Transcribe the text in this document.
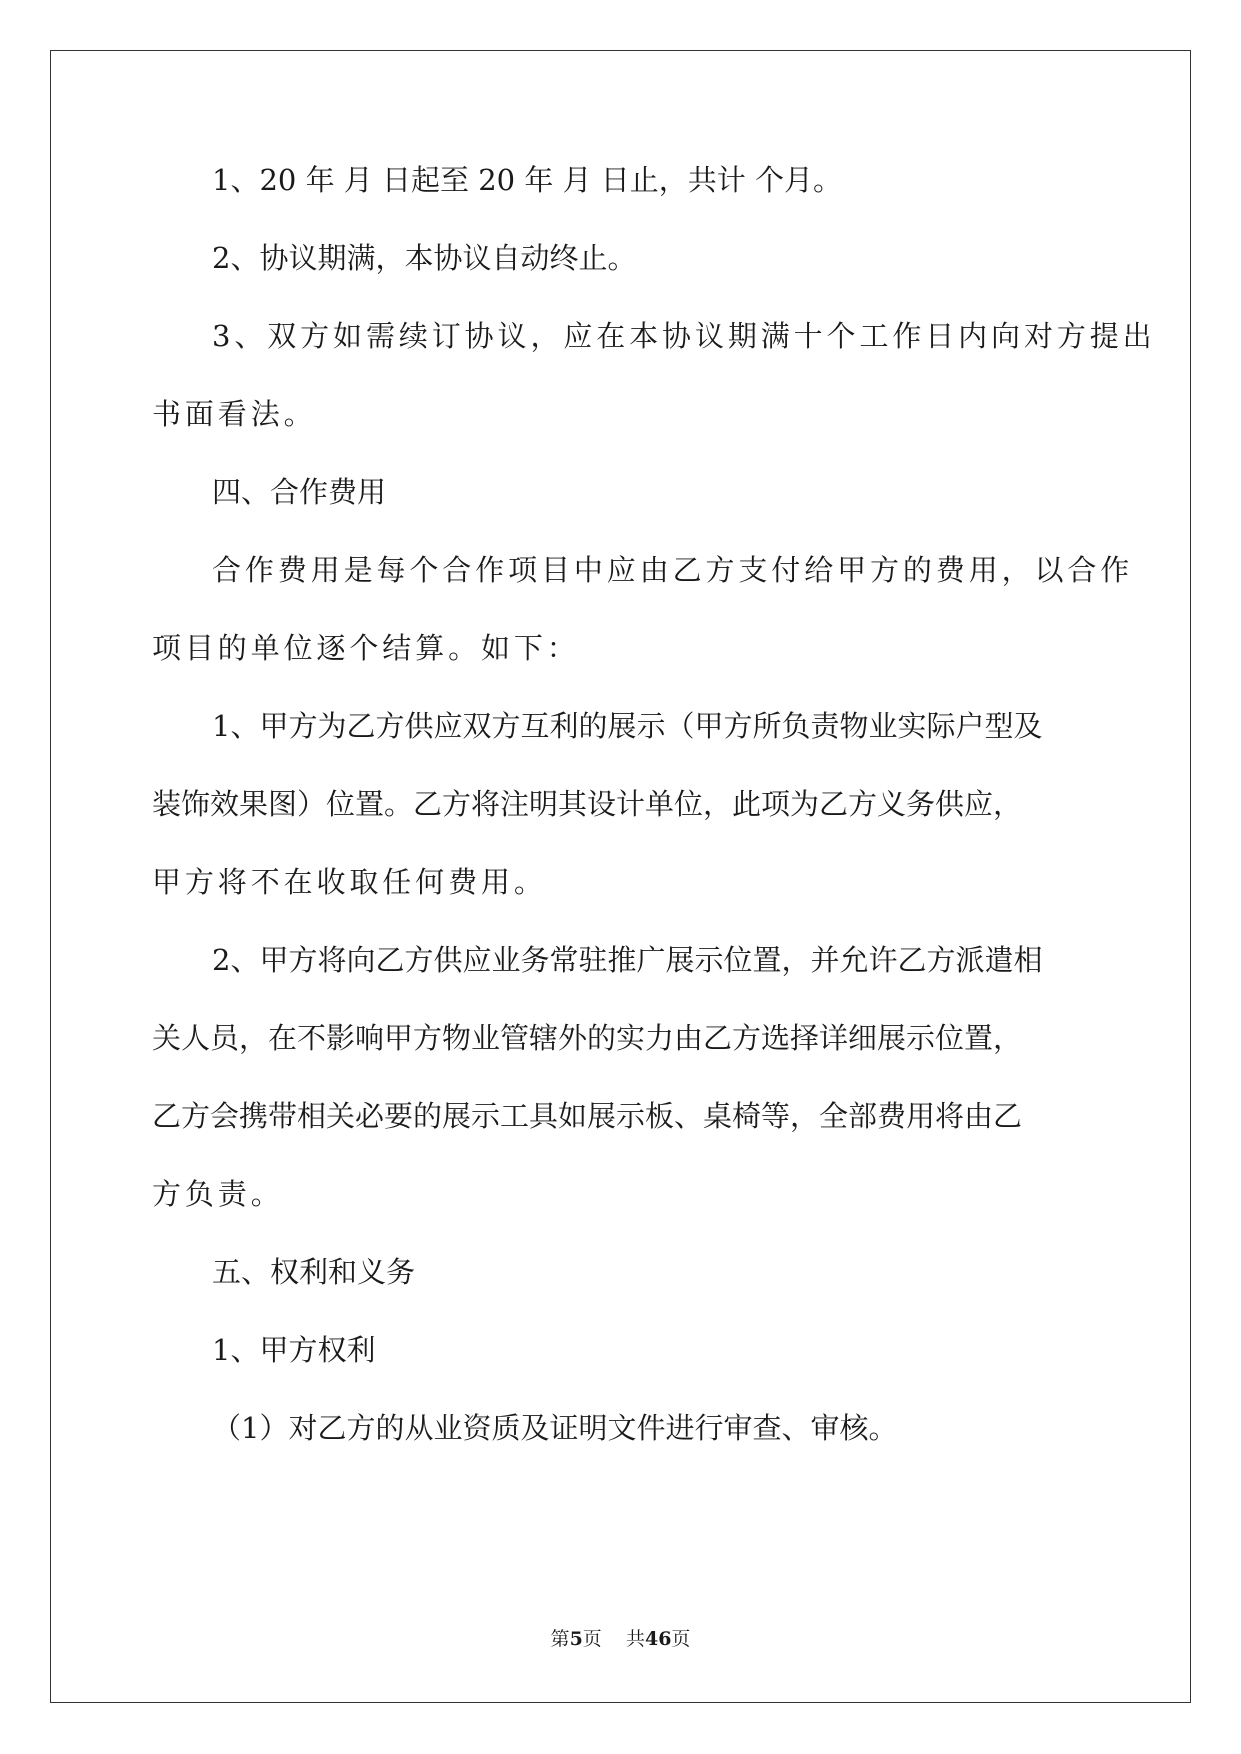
1、20 年 月 日起至 20 年 月 日止，共计 个月。
2、协议期满，本协议自动终止。
3、双方如需续订协议，应在本协议期满十个工作日内向对方提出
书面看法。
四、合作费用
合作费用是每个合作项目中应由乙方支付给甲方的费用，以合作
项目的单位逐个结算。如下：
1、甲方为乙方供应双方互利的展示（甲方所负责物业实际户型及
装饰效果图）位置。乙方将注明其设计单位，此项为乙方义务供应，
甲方将不在收取任何费用。
2、甲方将向乙方供应业务常驻推广展示位置，并允许乙方派遣相
关人员，在不影响甲方物业管辖外的实力由乙方选择详细展示位置，
乙方会携带相关必要的展示工具如展示板、桌椅等，全部费用将由乙
方负责。
五、权利和义务
1、甲方权利
（1）对乙方的从业资质及证明文件进行审查、审核。
第5页    共46页
